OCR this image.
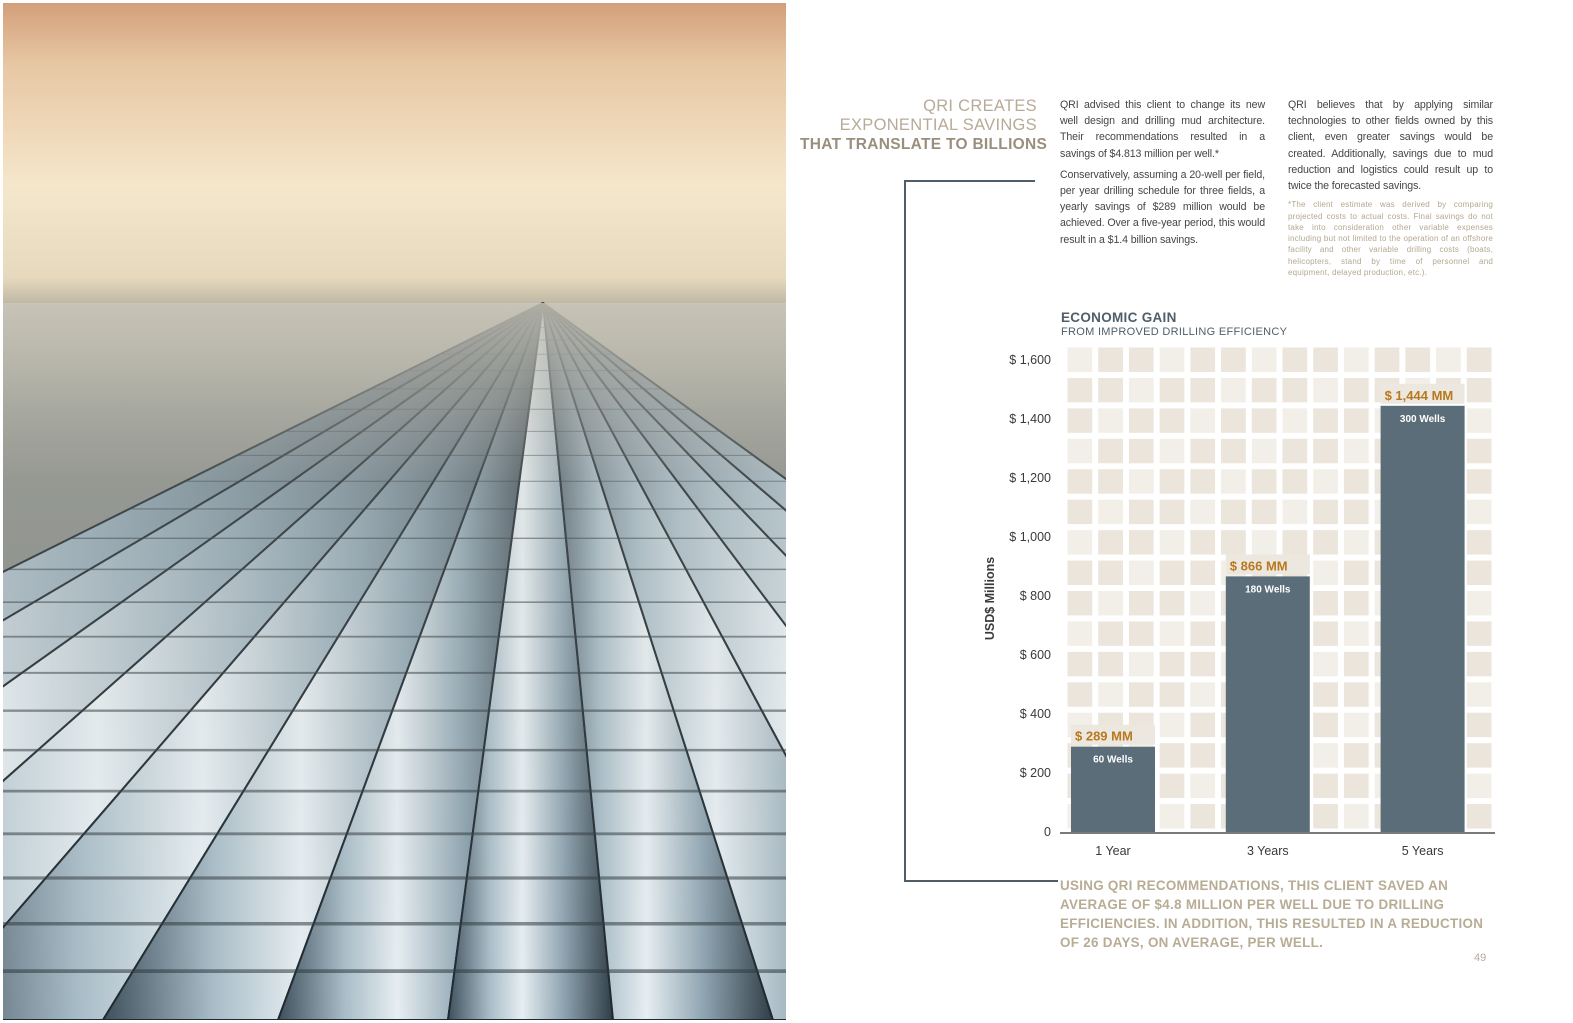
QRI CREATES
EXPONENTIAL SAVINGS
THAT TRANSLATE TO BILLIONS

QRI advised this client to change its new well design and drilling mud architecture. Their recommendations resulted in a savings of $4.813 million per well.*

Conservatively, assuming a 20-well per field, per year drilling schedule for three fields, a yearly savings of $289 million would be achieved. Over a five-year period, this would result in a $1.4 billion savings.

QRI believes that by applying similar technologies to other fields owned by this client, even greater savings would be created. Additionally, savings due to mud reduction and logistics could result up to twice the forecasted savings.

*The client estimate was derived by comparing projected costs to actual costs. Final savings do not take into consideration other variable expenses including but not limited to the operation of an offshore facility and other variable drilling costs (boats, helicopters, stand by time of personnel and equipment, delayed production, etc.).

ECONOMIC GAIN
FROM IMPROVED DRILLING EFFICIENCY
0
$ 200
$ 400
$ 600
$ 800
$ 1,000
$ 1,200
$ 1,400
$ 1,600
USD$ Millions
$ 289 MM
60 Wells
1 Year
$ 866 MM
180 Wells
3 Years
$ 1,444 MM
300 Wells
5 Years
USING QRI RECOMMENDATIONS, THIS CLIENT SAVED AN
AVERAGE OF $4.8 MILLION PER WELL DUE TO DRILLING
EFFICIENCIES. IN ADDITION, THIS RESULTED IN A REDUCTION
OF 26 DAYS, ON AVERAGE, PER WELL.
49
